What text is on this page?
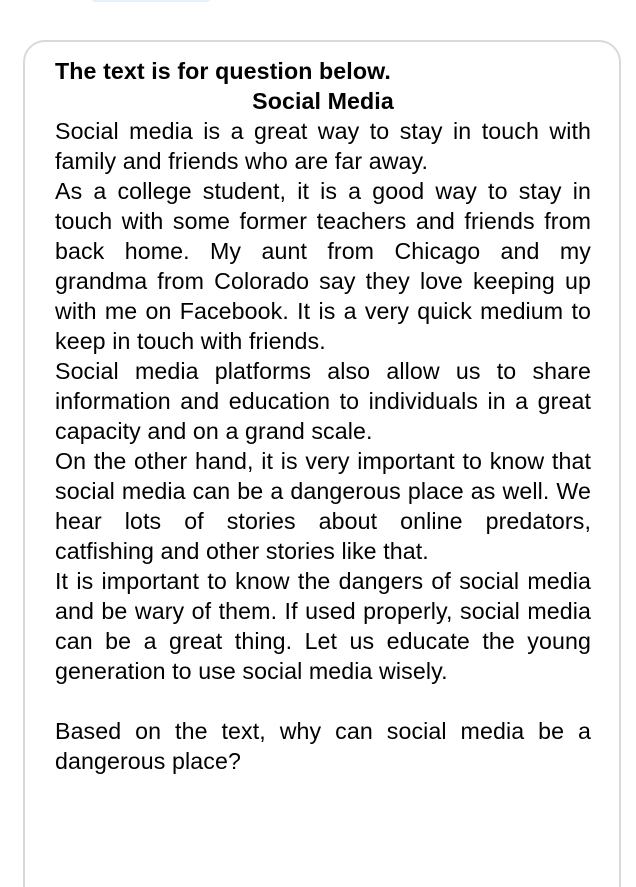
The text is for question below.

Social Media

Social media is a great way to stay in touch with family and friends who are far away.

As a college student, it is a good way to stay in touch with some former teachers and friends from back home. My aunt from Chicago and my grandma from Colorado say they love keeping up with me on Facebook. It is a very quick medium to keep in touch with friends.

Social media platforms also allow us to share information and education to individuals in a great capacity and on a grand scale.

On the other hand, it is very important to know that social media can be a dangerous place as well. We hear lots of stories about online predators, catfishing and other stories like that.

It is important to know the dangers of social media and be wary of them. If used properly, social media can be a great thing. Let us educate the young generation to use social media wisely.

Based on the text, why can social media be a dangerous place?
